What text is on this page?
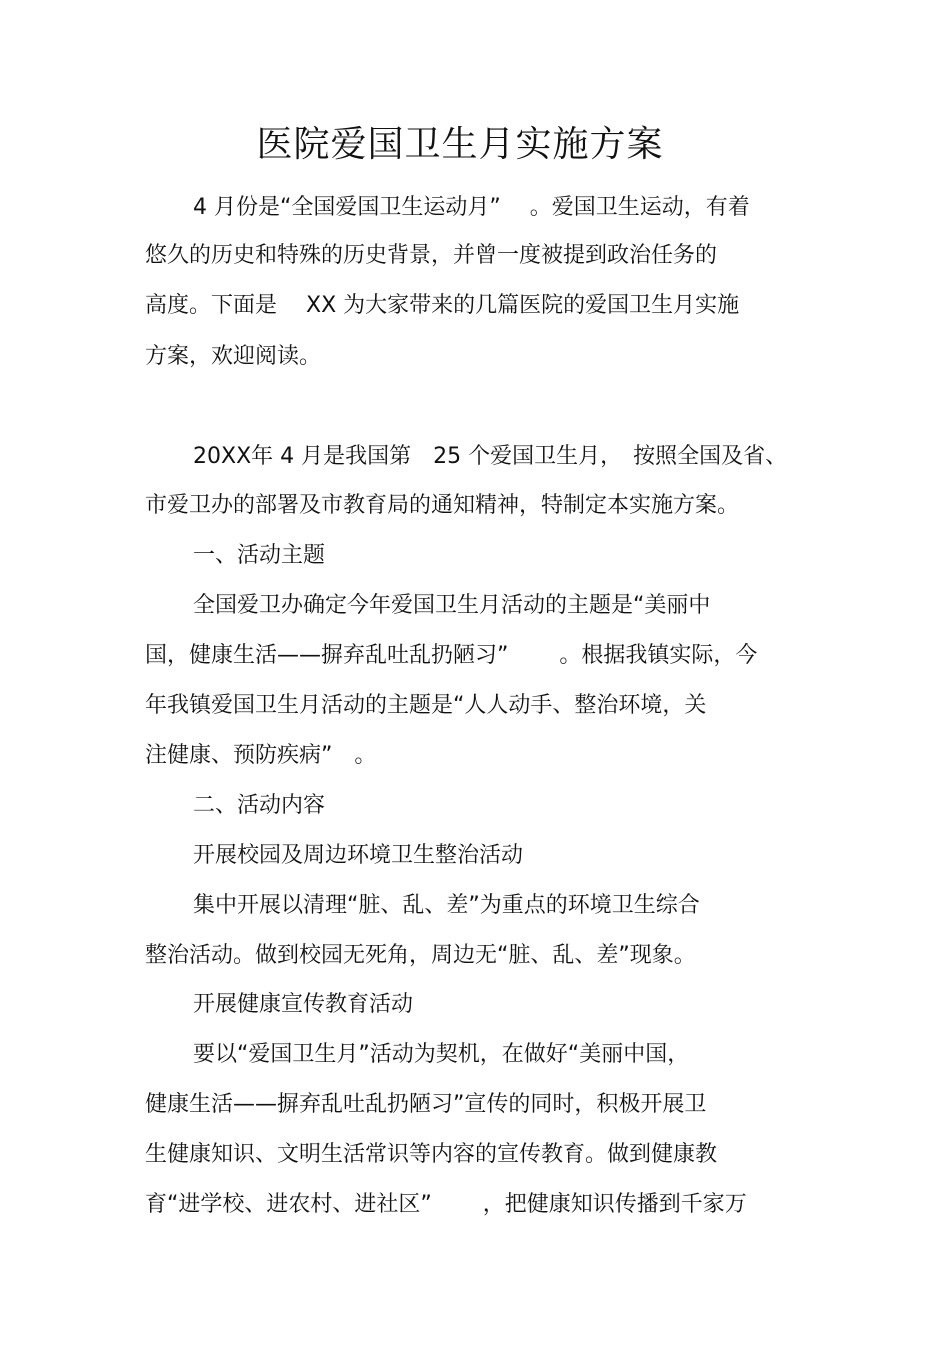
医院爱国卫生月实施方案

4 月份是“全国爱国卫生运动月”　 。爱国卫生运动，有着

悠久的历史和特殊的历史背景，并曾一度被提到政治任务的

高度。下面是　 XX 为大家带来的几篇医院的爱国卫生月实施

方案，欢迎阅读。

20XX年 4 月是我国第　25 个爱国卫生月，　按照全国及省、

市爱卫办的部署及市教育局的通知精神，特制定本实施方案。

一、活动主题

全国爱卫办确定今年爱国卫生月活动的主题是“美丽中

国，健康生活——摒弃乱吐乱扔陋习”　 　。根据我镇实际，今

年我镇爱国卫生月活动的主题是“人人动手、整治环境，关

注健康、预防疾病”　。

二、活动内容

开展校园及周边环境卫生整治活动

集中开展以清理“脏、乱、差”为重点的环境卫生综合

整治活动。做到校园无死角，周边无“脏、乱、差”现象。

开展健康宣传教育活动

要以“爱国卫生月”活动为契机，在做好“美丽中国，

健康生活——摒弃乱吐乱扔陋习”宣传的同时，积极开展卫

生健康知识、文明生活常识等内容的宣传教育。做到健康教

育“进学校、进农村、进社区”　 　，把健康知识传播到千家万
